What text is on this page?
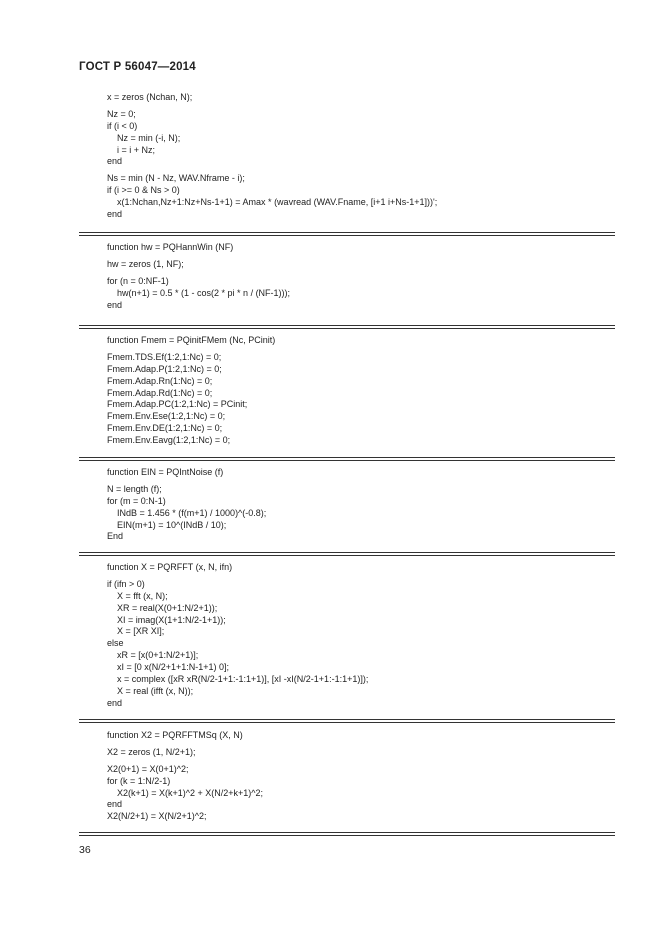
ГОСТ Р 56047—2014
x = zeros (Nchan, N);
Nz = 0;
if (i < 0)
Nz = min (-i, N);
i = i + Nz;
end
Ns = min (N - Nz, WAV.Nframe - i);
if (i >= 0 & Ns > 0)
x(1:Nchan,Nz+1:Nz+Ns-1+1) = Amax * (wavread (WAV.Fname, [i+1 i+Ns-1+1]))';
end
function hw = PQHannWin (NF)
hw = zeros (1, NF);
for (n = 0:NF-1)
hw(n+1) = 0.5 * (1 - cos(2 * pi * n / (NF-1)));
end
function Fmem = PQinitFMem (Nc, PCinit)
Fmem.TDS.Ef(1:2,1:Nc) = 0;
Fmem.Adap.P(1:2,1:Nc) = 0;
Fmem.Adap.Rn(1:Nc) = 0;
Fmem.Adap.Rd(1:Nc) = 0;
Fmem.Adap.PC(1:2,1:Nc) = PCinit;
Fmem.Env.Ese(1:2,1:Nc) = 0;
Fmem.Env.DE(1:2,1:Nc) = 0;
Fmem.Env.Eavg(1:2,1:Nc) = 0;
function EIN = PQIntNoise (f)
N = length (f);
for (m = 0:N-1)
INdB = 1.456 * (f(m+1) / 1000)^(-0.8);
EIN(m+1) = 10^(INdB / 10);
End
function X = PQRFFT (x, N, ifn)
if (ifn > 0)
X = fft (x, N);
XR = real(X(0+1:N/2+1));
XI = imag(X(1+1:N/2-1+1));
X = [XR XI];
else
xR = [x(0+1:N/2+1)];
xI = [0 x(N/2+1+1:N-1+1) 0];
x = complex ([xR xR(N/2-1+1:-1:1+1)], [xI -xI(N/2-1+1:-1:1+1)]);
X = real (ifft (x, N));
end
function X2 = PQRFFTMSq (X, N)
X2 = zeros (1, N/2+1);
X2(0+1) = X(0+1)^2;
for (k = 1:N/2-1)
X2(k+1) = X(k+1)^2 + X(N/2+k+1)^2;
end
X2(N/2+1) = X(N/2+1)^2;
36
